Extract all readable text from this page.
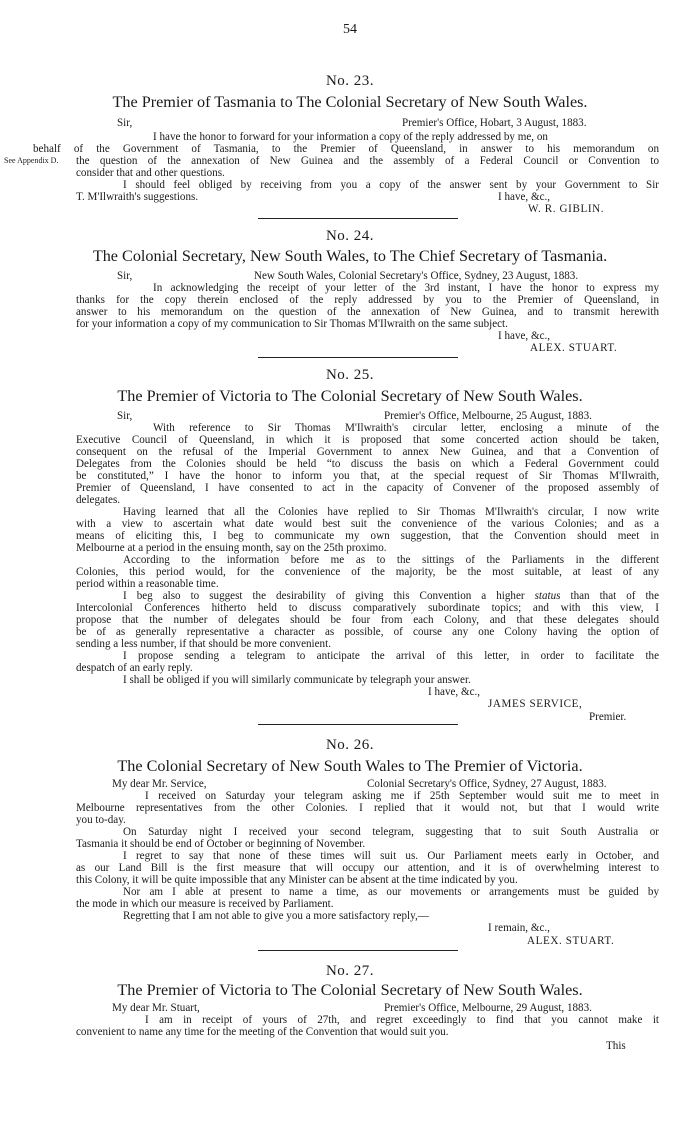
54
No. 23.
The Premier of Tasmania to The Colonial Secretary of New South Wales.
Sir,	Premier's Office, Hobart, 3 August, 1883.
I have the honor to forward for your information a copy of the reply addressed by me, on
behalf of the Government of Tasmania, to the Premier of Queensland, in answer to his memorandum on
the question of the annexation of New Guinea and the assembly of a Federal Council or Convention to
consider that and other questions.
I should feel obliged by receiving from you a copy of the answer sent by your Government to Sir
T. M'Ilwraith's suggestions.	I have, &c.,
W. R. GIBLIN.
See Appendix D.
No. 24.
The Colonial Secretary, New South Wales, to The Chief Secretary of Tasmania.
Sir,	New South Wales, Colonial Secretary's Office, Sydney, 23 August, 1883.
In acknowledging the receipt of your letter of the 3rd instant, I have the honor to express my
thanks for the copy therein enclosed of the reply addressed by you to the Premier of Queensland, in
answer to his memorandum on the question of the annexation of New Guinea, and to transmit herewith
for your information a copy of my communication to Sir Thomas M'Ilwraith on the same subject.
I have, &c.,
ALEX. STUART.
No. 25.
The Premier of Victoria to The Colonial Secretary of New South Wales.
Sir,	Premier's Office, Melbourne, 25 August, 1883.
With reference to Sir Thomas M'Ilwraith's circular letter, enclosing a minute of the
Executive Council of Queensland, in which it is proposed that some concerted action should be taken,
consequent on the refusal of the Imperial Government to annex New Guinea, and that a Convention of
Delegates from the Colonies should be held “to discuss the basis on which a Federal Government could
be constituted,” I have the honor to inform you that, at the special request of Sir Thomas M'Ilwraith,
Premier of Queensland, I have consented to act in the capacity of Convener of the proposed assembly of
delegates.
Having learned that all the Colonies have replied to Sir Thomas M'Ilwraith's circular, I now write
with a view to ascertain what date would best suit the convenience of the various Colonies; and as a
means of eliciting this, I beg to communicate my own suggestion, that the Convention should meet in
Melbourne at a period in the ensuing month, say on the 25th proximo.
According to the information before me as to the sittings of the Parliaments in the different
Colonies, this period would, for the convenience of the majority, be the most suitable, at least of any
period within a reasonable time.
I beg also to suggest the desirability of giving this Convention a higher status than that of the
Intercolonial Conferences hitherto held to discuss comparatively subordinate topics; and with this view, I
propose that the number of delegates should be four from each Colony, and that these delegates should
be of as generally representative a character as possible, of course any one Colony having the option of
sending a less number, if that should be more convenient.
I propose sending a telegram to anticipate the arrival of this letter, in order to facilitate the
despatch of an early reply.
I shall be obliged if you will similarly communicate by telegraph your answer.
I have, &c.,
JAMES SERVICE,
Premier.
No. 26.
The Colonial Secretary of New South Wales to The Premier of Victoria.
My dear Mr. Service,	Colonial Secretary's Office, Sydney, 27 August, 1883.
I received on Saturday your telegram asking me if 25th September would suit me to meet in
Melbourne representatives from the other Colonies. I replied that it would not, but that I would write
you to-day.
On Saturday night I received your second telegram, suggesting that to suit South Australia or
Tasmania it should be end of October or beginning of November.
I regret to say that none of these times will suit us. Our Parliament meets early in October, and
as our Land Bill is the first measure that will occupy our attention, and it is of overwhelming interest to
this Colony, it will be quite impossible that any Minister can be absent at the time indicated by you.
Nor am I able at present to name a time, as our movements or arrangements must be guided by
the mode in which our measure is received by Parliament.
Regretting that I am not able to give you a more satisfactory reply,—
I remain, &c.,
ALEX. STUART.
No. 27.
The Premier of Victoria to The Colonial Secretary of New South Wales.
My dear Mr. Stuart,	Premier's Office, Melbourne, 29 August, 1883.
I am in receipt of yours of 27th, and regret exceedingly to find that you cannot make it
convenient to name any time for the meeting of the Convention that would suit you.
This
